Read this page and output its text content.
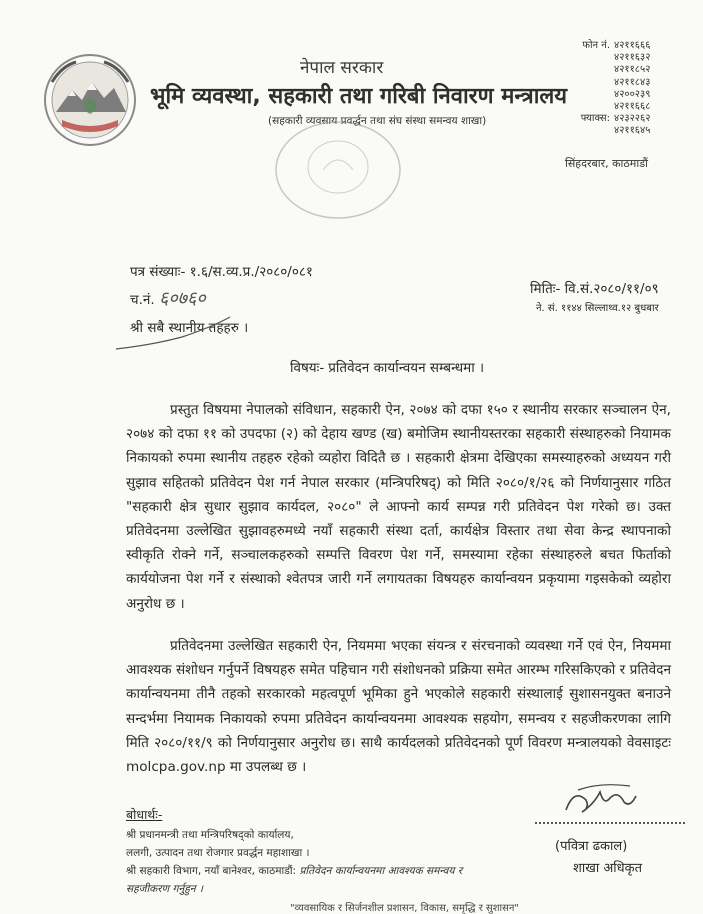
नेपाल सरकार
भूमि व्यवस्था, सहकारी तथा गरिबी निवारण मन्त्रालय
(सहकारी व्यवसाय प्रवर्द्धन तथा संघ संस्था समन्वय शाखा)
फोन नं. ४२११६६६
४२११६३२
४२११८५२
४२११८४३
४२००२३९
४२११६६८
फ्याक्स: ४२३२२६२
४२११६४५
सिंहदरबार, काठमाडौं
पत्र संख्याः- १.६/स.व्य.प्र./२०८०/०८१
च.नं. ६०७६०	मितिः- वि.सं.२०८०/११/०९
ने. सं. ११४४ सिल्लाथ्व.१२ बुधबार
श्री सबै स्थानीय तहहरु ।
विषयः- प्रतिवेदन कार्यान्वयन सम्बन्धमा ।
प्रस्तुत विषयमा नेपालको संविधान, सहकारी ऐन, २०७४ को दफा १५० र स्थानीय सरकार सञ्चालन ऐन, २०७४ को दफा ११ को उपदफा (२) को देहाय खण्ड (ख) बमोजिम स्थानीयस्तरका सहकारी संस्थाहरुको नियामक निकायको रुपमा स्थानीय तहहरु रहेको व्यहोरा विदितै छ । सहकारी क्षेत्रमा देखिएका समस्याहरुको अध्ययन गरी सुझाव सहितको प्रतिवेदन पेश गर्न नेपाल सरकार (मन्त्रिपरिषद्) को मिति २०८०/१/२६ को निर्णयानुसार गठित "सहकारी क्षेत्र सुधार सुझाव कार्यदल, २०८०" ले आफ्नो कार्य सम्पन्न गरी प्रतिवेदन पेश गरेको छ। उक्त प्रतिवेदनमा उल्लेखित सुझावहरुमध्ये नयाँ सहकारी संस्था दर्ता, कार्यक्षेत्र विस्तार तथा सेवा केन्द्र स्थापनाको स्वीकृति रोक्ने गर्ने, सञ्चालकहरुको सम्पत्ति विवरण पेश गर्ने, समस्यामा रहेका संस्थाहरुले बचत फिर्ताको कार्ययोजना पेश गर्ने र संस्थाको श्वेतपत्र जारी गर्ने लगायतका विषयहरु कार्यान्वयन प्रकृयामा गइसकेको व्यहोरा अनुरोध छ ।
प्रतिवेदनमा उल्लेखित सहकारी ऐन, नियममा भएका संयन्त्र र संरचनाको व्यवस्था गर्ने एवं ऐन, नियममा आवश्यक संशोधन गर्नुपर्ने विषयहरु समेत पहिचान गरी संशोधनको प्रक्रिया समेत आरम्भ गरिसकिएको र प्रतिवेदन कार्यान्वयनमा तीनै तहको सरकारको महत्वपूर्ण भूमिका हुने भएकोले सहकारी संस्थालाई सुशासनयुक्त बनाउने सन्दर्भमा नियामक निकायको रुपमा प्रतिवेदन कार्यान्वयनमा आवश्यक सहयोग, समन्वय र सहजीकरणका लागि मिति २०८०/११/९ को निर्णयानुसार अनुरोध छ। साथै कार्यदलको प्रतिवेदनको पूर्ण विवरण मन्त्रालयको वेवसाइटः molcpa.gov.np मा उपलब्ध छ ।
(पवित्रा ढकाल)
शाखा अधिकृत
बोधार्थः-
श्री प्रधानमन्त्री तथा मन्त्रिपरिषद्‌को कार्यालय,
ललगी, उत्पादन तथा रोजगार प्रवर्द्धन महाशाखा ।
श्री सहकारी विभाग, नयाँ बानेश्वर, काठमाडौं: प्रतिवेदन कार्यान्वयनमा आवश्यक समन्वय र
सहजीकरण गर्नुहुन ।
"व्यवसायिक र सिर्जनशील प्रशासन, विकास, समृद्धि र सुशासन"
